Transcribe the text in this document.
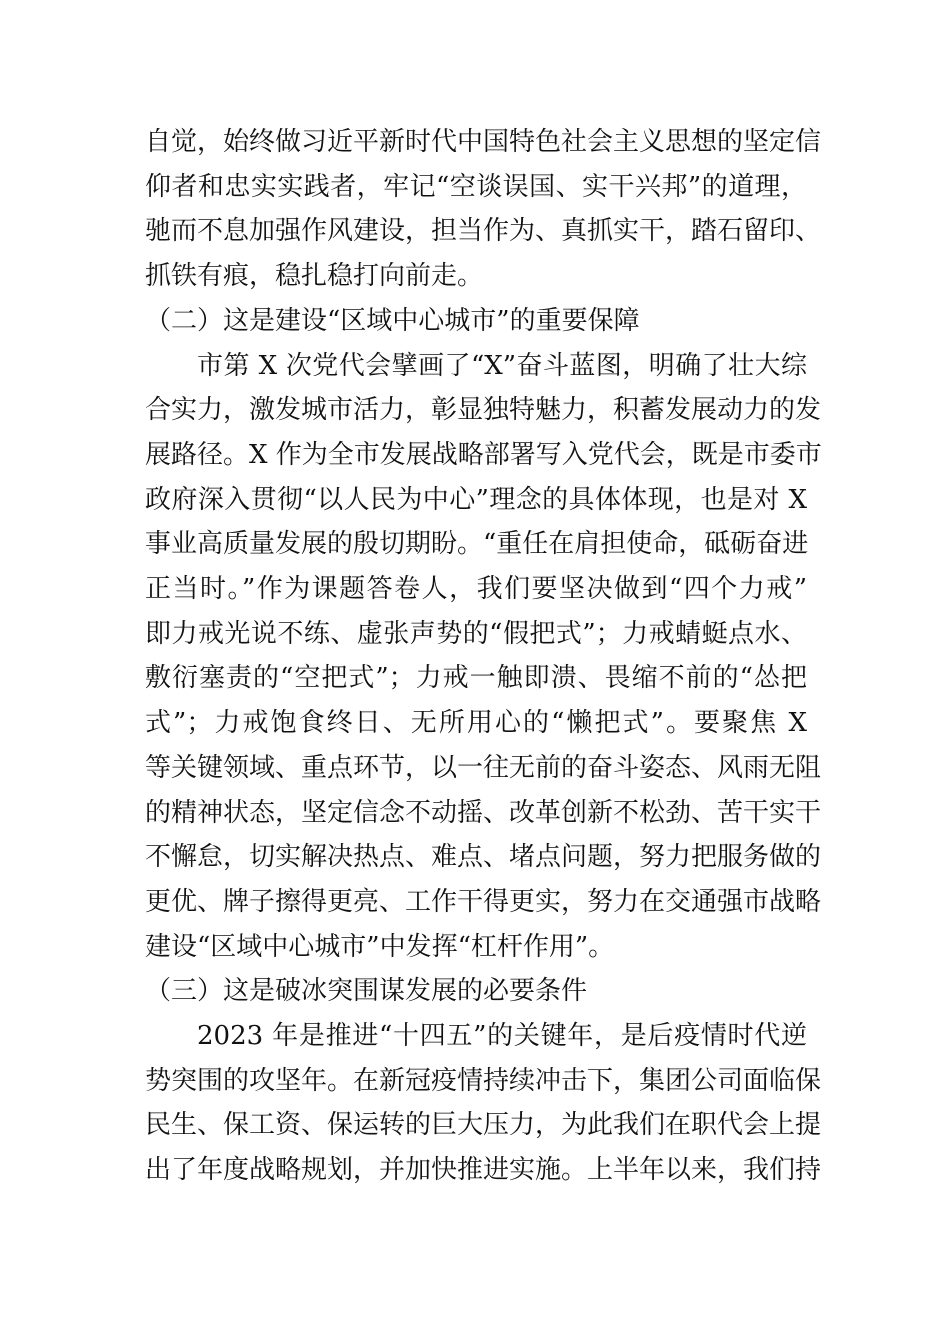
自觉，始终做习近平新时代中国特色社会主义思想的坚定信
仰者和忠实实践者，牢记“空谈误国、实干兴邦”的道理，
驰而不息加强作风建设，担当作为、真抓实干，踏石留印、
抓铁有痕，稳扎稳打向前走。

（二）这是建设“区域中心城市”的重要保障

市第 X 次党代会擘画了“X”奋斗蓝图，明确了壮大综
合实力，激发城市活力，彰显独特魅力，积蓄发展动力的发
展路径。X 作为全市发展战略部署写入党代会，既是市委市
政府深入贯彻“以人民为中心”理念的具体体现，也是对 X
事业高质量发展的殷切期盼。“重任在肩担使命，砥砺奋进
正当时。”作为课题答卷人，我们要坚决做到“四个力戒”
即力戒光说不练、虚张声势的“假把式”；力戒蜻蜓点水、
敷衍塞责的“空把式”；力戒一触即溃、畏缩不前的“怂把
式”；力戒饱食终日、无所用心的“懒把式”。要聚焦 X
等关键领域、重点环节，以一往无前的奋斗姿态、风雨无阻
的精神状态，坚定信念不动摇、改革创新不松劲、苦干实干
不懈怠，切实解决热点、难点、堵点问题，努力把服务做的
更优、牌子擦得更亮、工作干得更实，努力在交通强市战略
建设“区域中心城市”中发挥“杠杆作用”。

（三）这是破冰突围谋发展的必要条件

2023 年是推进“十四五”的关键年，是后疫情时代逆
势突围的攻坚年。在新冠疫情持续冲击下，集团公司面临保
民生、保工资、保运转的巨大压力，为此我们在职代会上提
出了年度战略规划，并加快推进实施。上半年以来，我们持
